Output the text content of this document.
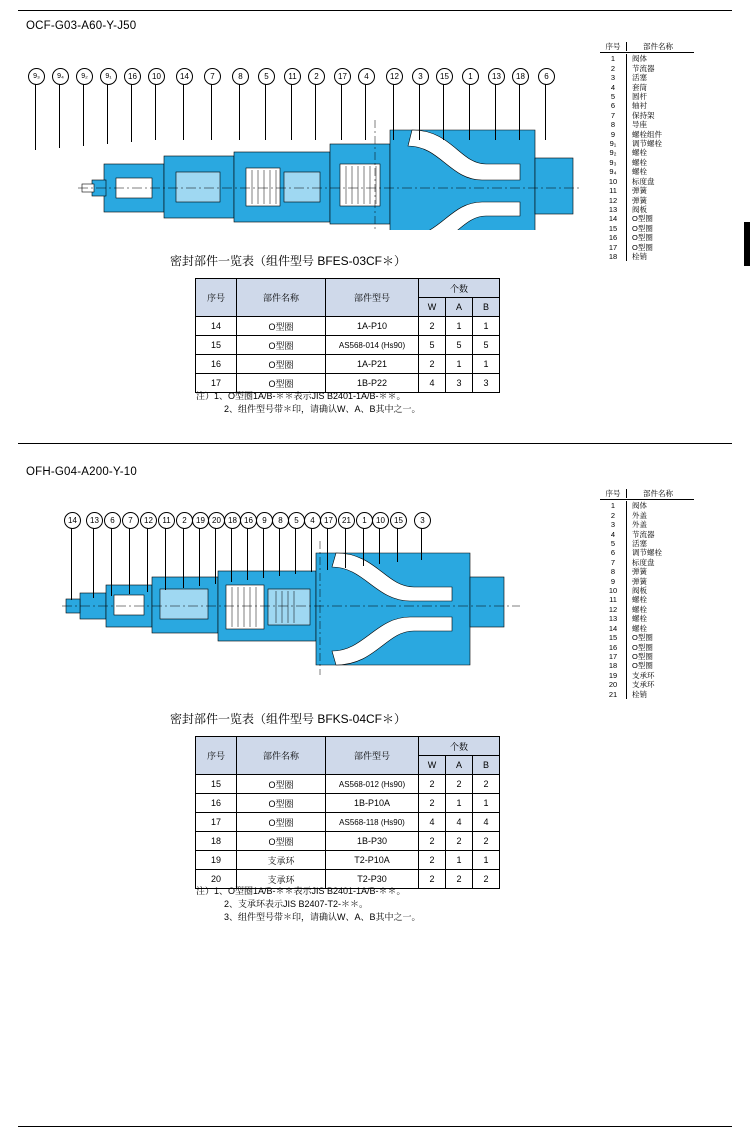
OCF-G03-A60-Y-J50
序号	部件名称
1	阀体
2	节流器
3	活塞
4	套筒
5	圆杆
6	轴衬
7	保持架
8	导座
9	螺栓组件
9₁	调节螺栓
9₂	螺栓
9₃	螺栓
9₄	螺栓
10	标度盘
11	弹簧
12	弹簧
13	阀板
14	O型圈
15	O型圈
16	O型圈
17	O型圈
18	栓销
密封部件一览表（组件型号 BFES-03CF＊）
序号	部件名称	部件型号	个数		
			W	A	B
14	O型圈	1A-P10	2	1	1
15	O型圈	AS568-014 (Hs90)	5	5	5
16	O型圈	1A-P21	2	1	1
17	O型圈	1B-P22	4	3	3
注）1、O型圈1A/B-＊＊表示JIS B2401-1A/B-＊＊。
2、组件型号带＊印，请确认W、A、B其中之一。
OFH-G04-A200-Y-10
序号	部件名称
1	阀体
2	外盖
3	外盖
4	节流器
5	活塞
6	调节螺栓
7	标度盘
8	弹簧
9	弹簧
10	阀板
11	螺栓
12	螺栓
13	螺栓
14	螺栓
15	O型圈
16	O型圈
17	O型圈
18	O型圈
19	支承环
20	支承环
21	栓销
密封部件一览表（组件型号 BFKS-04CF＊）
序号	部件名称	部件型号	个数		
			W	A	B
15	O型圈	AS568-012 (Hs90)	2	2	2
16	O型圈	1B-P10A	2	1	1
17	O型圈	AS568-118 (Hs90)	4	4	4
18	O型圈	1B-P30	2	2	2
19	支承环	T2-P10A	2	1	1
20	支承环	T2-P30	2	2	2
注）1、O型圈1A/B-＊＊表示JIS B2401-1A/B-＊＊。
2、支承环表示JIS B2407-T2-＊＊。
3、组件型号带＊印，请确认W、A、B其中之一。
9₃	9₄	9₂	9₁	16	10	14	7	8	5	11	2	17	4	12	3	15	1	13	18	6
14	13	6	7	12	11	2	19 20 18 16	9	8	5	4	17	21	1	10	15	3
